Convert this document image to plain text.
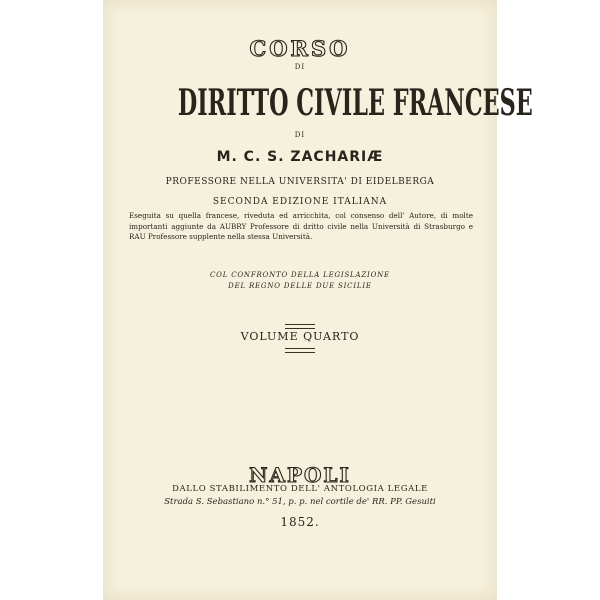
CORSO
DI
DIRITTO CIVILE FRANCESE
DI
M. C. S. ZACHARIÆ
PROFESSORE NELLA UNIVERSITA' DI EIDELBERGA
SECONDA EDIZIONE ITALIANA
Eseguita su quella francese, riveduta ed arricchita, col consenso dell' Autore, di molte importanti aggiunte da AUBRY Professore di dritto civile nella Università di Strasburgo e RAU Professore supplente nella stessa Università.
COL CONFRONTO DELLA LEGISLAZIONE
DEL REGNO DELLE DUE SICILIE
VOLUME QUARTO
NAPOLI
DALLO STABILIMENTO DELL' ANTOLOGIA LEGALE
Strada S. Sebastiano n.° 51, p. p. nel cortile de' RR. PP. Gesuiti
1852.
